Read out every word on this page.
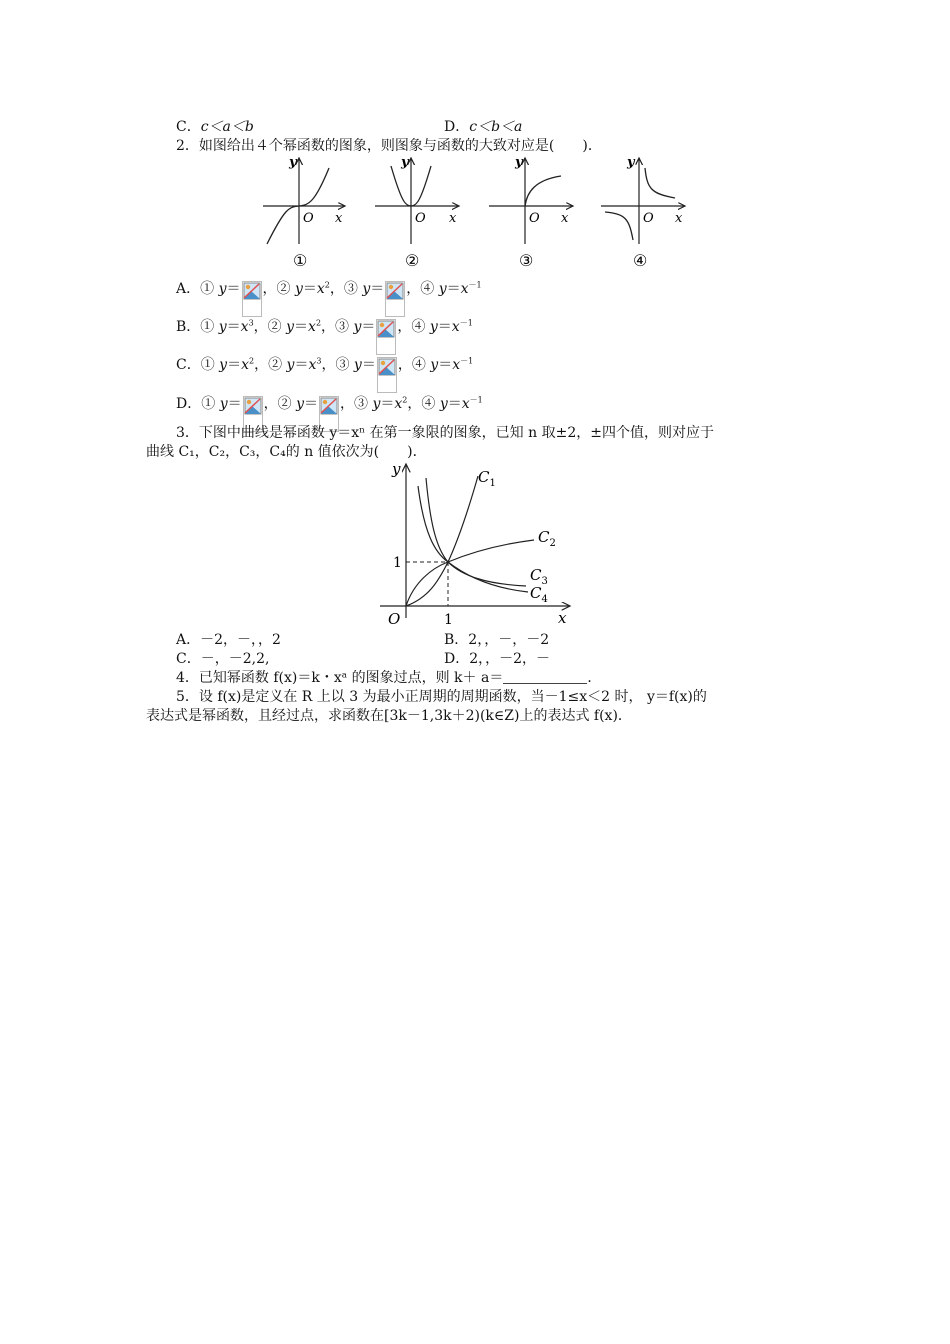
C．c＜a＜b	D．c＜b＜a
2．如图给出４个幂函数的图象，则图象与函数的大致对应是(　　)．
y
O x
①
y
O x
②
y
O x
③
y
O x
④
A．① y＝ ，② $y=x^2$，③ y＝ ，④ $y=x^{-1}$
B．① $y=x^3$，② $y=x^2$，③ y＝ ，④ $y=x^{-1}$
C．① $y=x^2$，② $y=x^3$，③ y＝ ，④ $y=x^{-1}$
D．① y＝ ，② y＝ ，③ $y=x^2$，④ $y=x^{-1}$
3．下图中曲线是幂函数 y＝xⁿ 在第一象限的图象，已知 n 取±2，±四个值，则对应于
曲线 C₁，C₂，C₃，C₄的 n 值依次为(　　)．
y
x
O	1
1
$C_1$
$C_2$
$C_3$
$C_4$
A．－2，－，，2	B．2，，－，－2
C．－，－2,2,	D．2，，－2，－
4．已知幂函数 f(x)＝k・xᵃ 的图象过点，则 k＋ a＝	．
5．设 f(x)是定义在 R 上以 3 为最小正周期的周期函数，当－1≤x＜2 时， y＝f(x)的
表达式是幂函数，且经过点，求函数在[3k－1,3k＋2)(k∈Z)上的表达式 f(x)．
